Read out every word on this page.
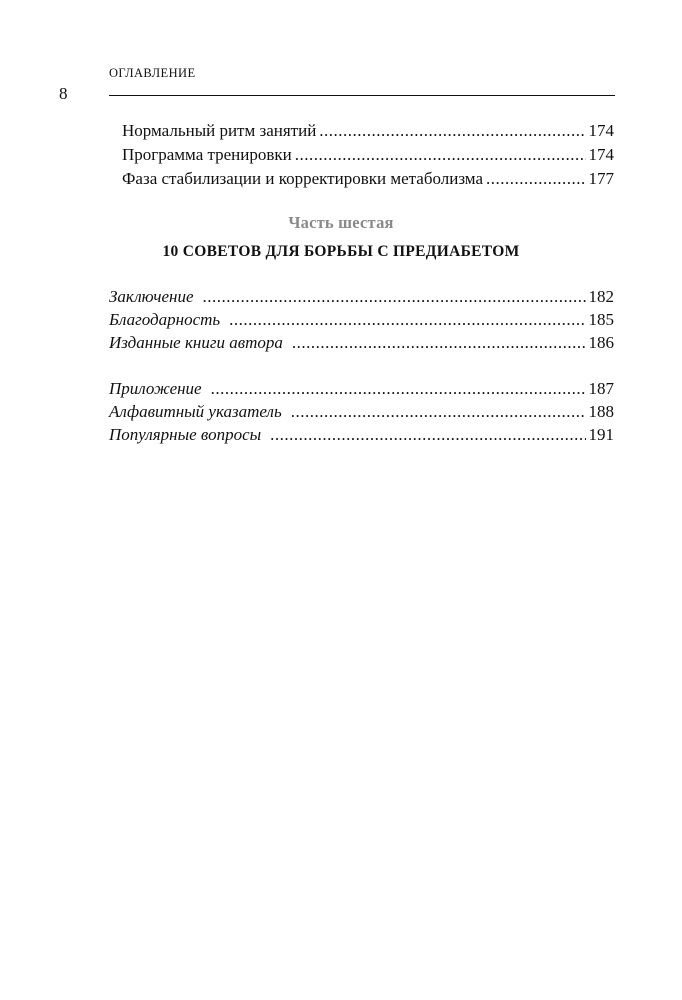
8
ОГЛАВЛЕНИЕ
Нормальный ритм занятий .....	174
Программа тренировки .....	174
Фаза стабилизации и корректировки метаболизма .....	177
Часть шестая
10 СОВЕТОВ ДЛЯ БОРЬБЫ С ПРЕДИАБЕТОМ
Заключение .....	182
Благодарность .....	185
Изданные книги автора .....	186
Приложение .....	187
Алфавитный указатель .....	188
Популярные вопросы .....	191
